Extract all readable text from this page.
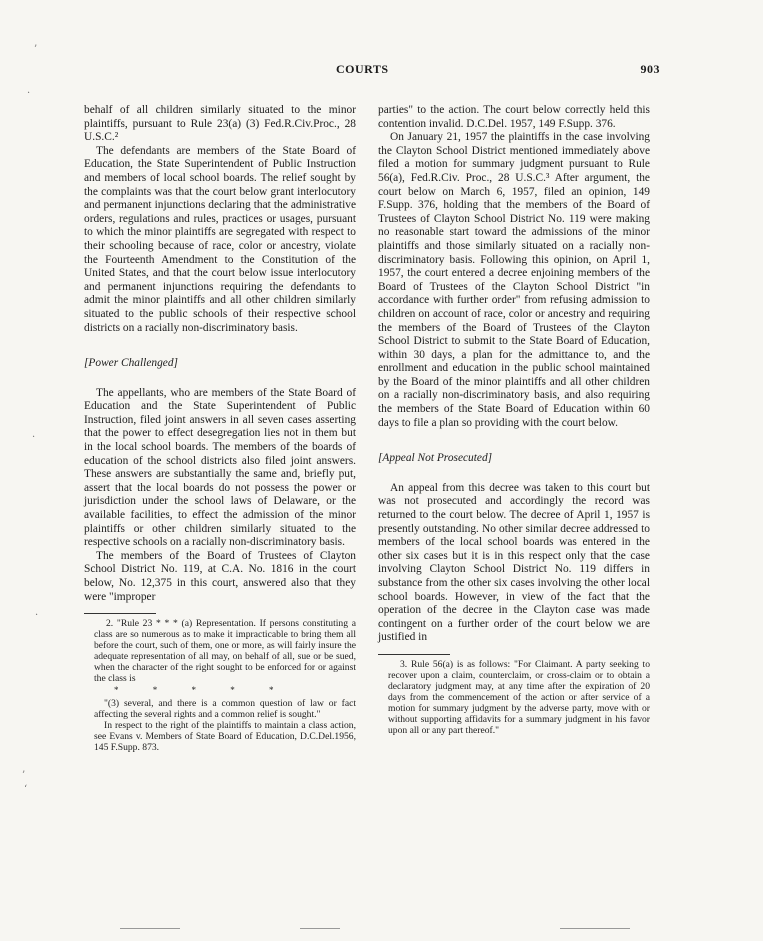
’
·
·
·
’
‘
COURTS	903

behalf of all children similarly situated to the minor plaintiffs, pursuant to Rule 23(a) (3) Fed.R.Civ.Proc., 28 U.S.C.²

The defendants are members of the State Board of Education, the State Superintendent of Public Instruction and members of local school boards. The relief sought by the complaints was that the court below grant interlocutory and permanent injunctions declaring that the administrative orders, regulations and rules, practices or usages, pursuant to which the minor plaintiffs are segregated with respect to their schooling because of race, color or ancestry, violate the Fourteenth Amendment to the Constitution of the United States, and that the court below issue interlocutory and permanent injunctions requiring the defendants to admit the minor plaintiffs and all other children similarly situated to the public schools of their respective school districts on a racially non-discriminatory basis.

[Power Challenged]

The appellants, who are members of the State Board of Education and the State Superintendent of Public Instruction, filed joint answers in all seven cases asserting that the power to effect desegregation lies not in them but in the local school boards. The members of the boards of education of the school districts also filed joint answers. These answers are substantially the same and, briefly put, assert that the local boards do not possess the power or jurisdiction under the school laws of Delaware, or the available facilities, to effect the admission of the minor plaintiffs or other children similarly situated to the respective schools on a racially non-discriminatory basis.

The members of the Board of Trustees of Clayton School District No. 119, at C.A. No. 1816 in the court below, No. 12,375 in this court, answered also that they were "improper

2. "Rule 23 * * * (a) Representation. If persons constituting a class are so numerous as to make it impracticable to bring them all before the court, such of them, one or more, as will fairly insure the adequate representation of all may, on behalf of all, sue or be sued, when the character of the right sought to be enforced for or against the class is

* * * * *

"(3) several, and there is a common question of law or fact affecting the several rights and a common relief is sought."

In respect to the right of the plaintiffs to maintain a class action, see Evans v. Members of State Board of Education, D.C.Del.1956, 145 F.Supp. 873.

parties" to the action. The court below correctly held this contention invalid. D.C.Del. 1957, 149 F.Supp. 376.

On January 21, 1957 the plaintiffs in the case involving the Clayton School District mentioned immediately above filed a motion for summary judgment pursuant to Rule 56(a), Fed.R.Civ. Proc., 28 U.S.C.³ After argument, the court below on March 6, 1957, filed an opinion, 149 F.Supp. 376, holding that the members of the Board of Trustees of Clayton School District No. 119 were making no reasonable start toward the admissions of the minor plaintiffs and those similarly situated on a racially non-discriminatory basis. Following this opinion, on April 1, 1957, the court entered a decree enjoining members of the Board of Trustees of the Clayton School District "in accordance with further order" from refusing admission to children on account of race, color or ancestry and requiring the members of the Board of Trustees of the Clayton School District to submit to the State Board of Education, within 30 days, a plan for the admittance to, and the enrollment and education in the public school maintained by the Board of the minor plaintiffs and all other children on a racially non-discriminatory basis, and also requiring the members of the State Board of Education within 60 days to file a plan so providing with the court below.

[Appeal Not Prosecuted]

An appeal from this decree was taken to this court but was not prosecuted and accordingly the record was returned to the court below. The decree of April 1, 1957 is presently outstanding. No other similar decree addressed to members of the local school boards was entered in the other six cases but it is in this respect only that the case involving Clayton School District No. 119 differs in substance from the other six cases involving the other local school boards. However, in view of the fact that the operation of the decree in the Clayton case was made contingent on a further order of the court below we are justified in

3. Rule 56(a) is as follows: "For Claimant. A party seeking to recover upon a claim, counterclaim, or cross-claim or to obtain a declaratory judgment may, at any time after the expiration of 20 days from the commencement of the action or after service of a motion for summary judgment by the adverse party, move with or without supporting affidavits for a summary judgment in his favor upon all or any part thereof."
